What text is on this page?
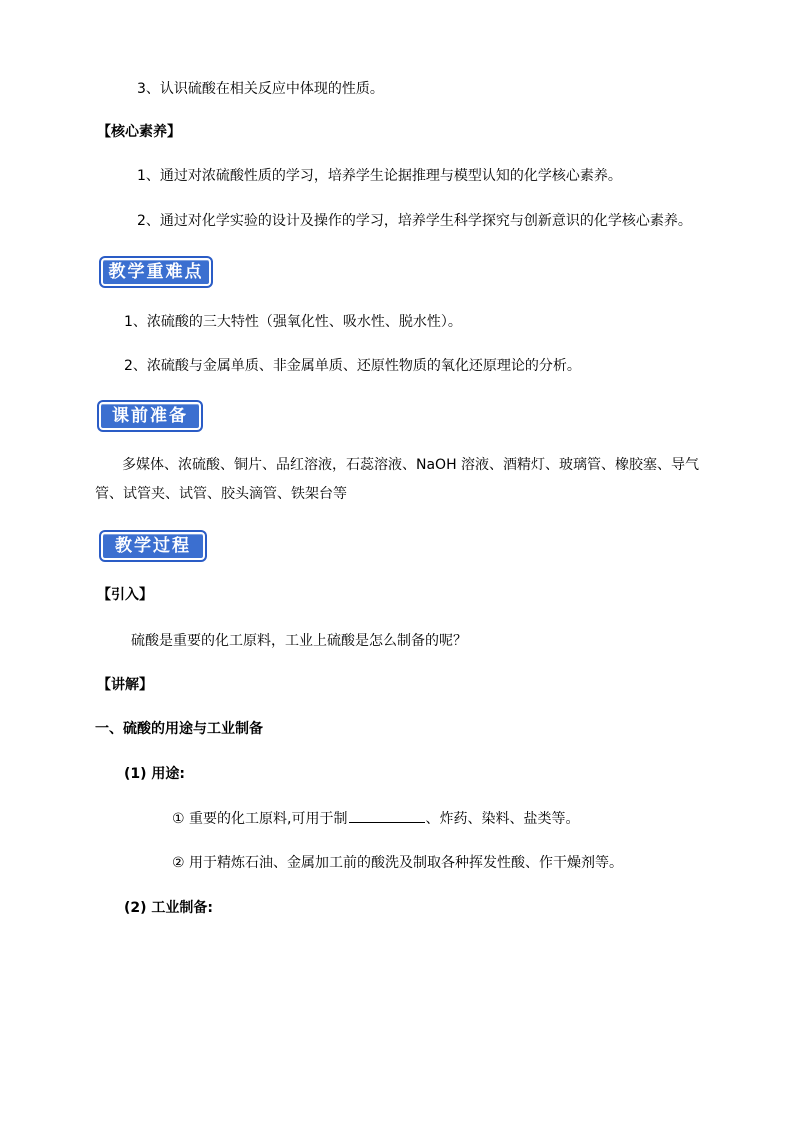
3、认识硫酸在相关反应中体现的性质。
【核心素养】
1、通过对浓硫酸性质的学习，培养学生论据推理与模型认知的化学核心素养。
2、通过对化学实验的设计及操作的学习，培养学生科学探究与创新意识的化学核心素养。
教学重难点
1、浓硫酸的三大特性（强氧化性、吸水性、脱水性）。
2、浓硫酸与金属单质、非金属单质、还原性物质的氧化还原理论的分析。
课前准备
多媒体、浓硫酸、铜片、品红溶液，石蕊溶液、NaOH 溶液、酒精灯、玻璃管、橡胶塞、导气管、试管夹、试管、胶头滴管、铁架台等
教学过程
【引入】
硫酸是重要的化工原料，工业上硫酸是怎么制备的呢？
【讲解】
一、硫酸的用途与工业制备
(1) 用途:
① 重要的化工原料,可用于制	、炸药、染料、盐类等。
② 用于精炼石油、金属加工前的酸洗及制取各种挥发性酸、作干燥剂等。
(2) 工业制备:
